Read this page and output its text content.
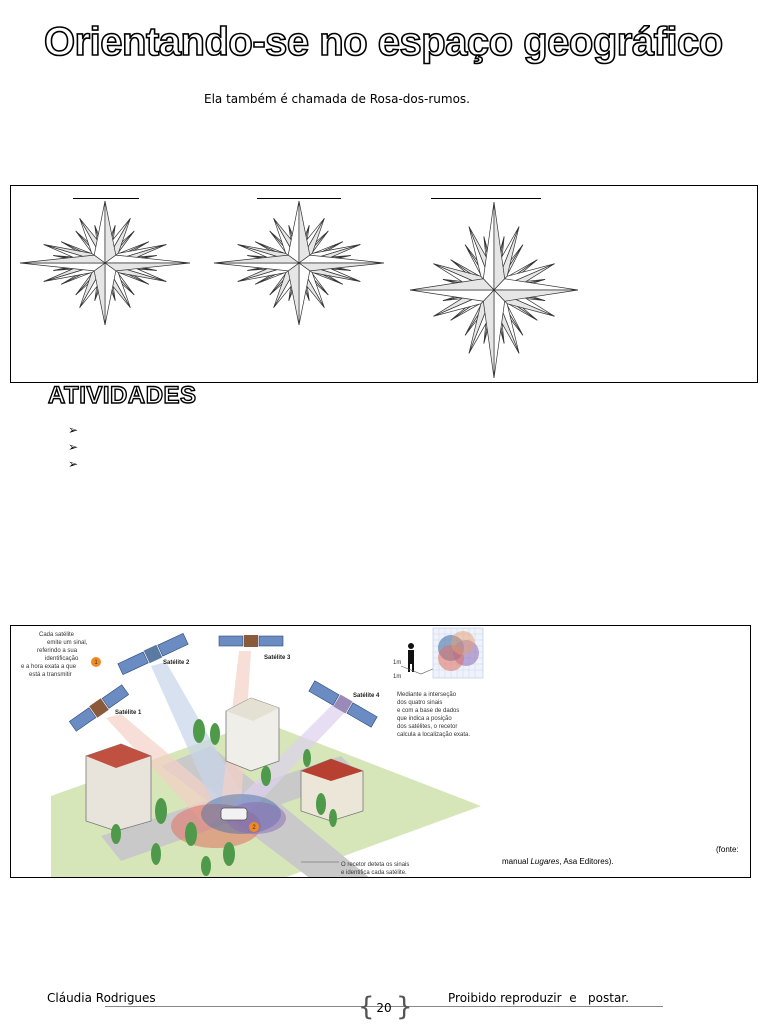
Orientando-se no espaço geográfico
Ela também é chamada de Rosa-dos-rumos.
ATIVIDADES
➢
➢
➢
1
2
Cada satélite emite um sinal, referindo a sua identificação e a hora exata a que está a transmitir
Satélite 1
Satélite 2
Satélite 3
Satélite 4
1m
1m
Mediante a interseção dos quatro sinais e com a base de dados que indica a posição dos satélites, o recetor calcula a localização exata.
O recetor deteta os sinais e identifica cada satélite.
(fonte:
manual Lugares, Asa Editores).
Cláudia Rodrigues	{ 20 }	Proibido reproduzir  e   postar.
